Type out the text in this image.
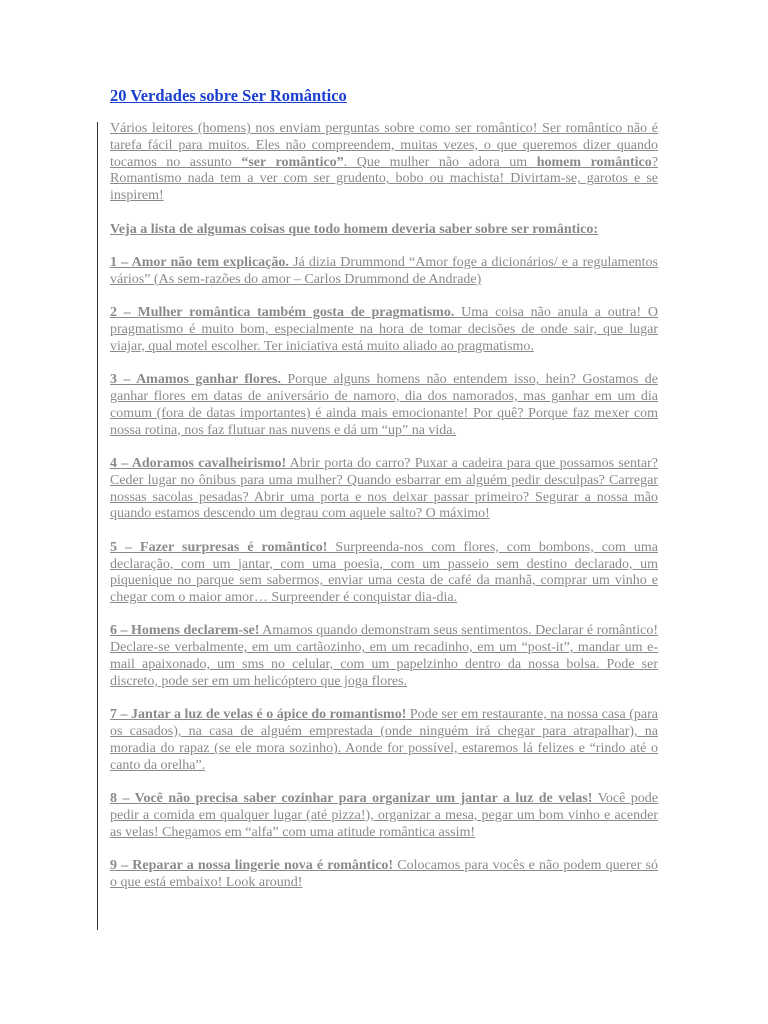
20 Verdades sobre Ser Romântico

Vários leitores (homens) nos enviam perguntas sobre como ser romântico! Ser romântico não é tarefa fácil para muitos. Eles não compreendem, muitas vezes, o que queremos dizer quando tocamos no assunto “ser romântico”. Que mulher não adora um homem romântico? Romantismo nada tem a ver com ser grudento, bobo ou machista! Divirtam-se, garotos e se inspirem!

Veja a lista de algumas coisas que todo homem deveria saber sobre ser romântico:

1 – Amor não tem explicação. Já dizia Drummond “Amor foge a dicionários/ e a regulamentos vários” (As sem-razões do amor – Carlos Drummond de Andrade)

2 – Mulher romântica também gosta de pragmatismo. Uma coisa não anula a outra! O pragmatismo é muito bom, especialmente na hora de tomar decisões de onde sair, que lugar viajar, qual motel escolher. Ter iniciativa está muito aliado ao pragmatismo.

3 – Amamos ganhar flores. Porque alguns homens não entendem isso, hein? Gostamos de ganhar flores em datas de aniversário de namoro, dia dos namorados, mas ganhar em um dia comum (fora de datas importantes) é ainda mais emocionante! Por quê? Porque faz mexer com nossa rotina, nos faz flutuar nas nuvens e dá um “up” na vida.

4 – Adoramos cavalheirismo! Abrir porta do carro? Puxar a cadeira para que possamos sentar? Ceder lugar no ônibus para uma mulher? Quando esbarrar em alguém pedir desculpas? Carregar nossas sacolas pesadas? Abrir uma porta e nos deixar passar primeiro? Segurar a nossa mão quando estamos descendo um degrau com aquele salto? O máximo!

5 – Fazer surpresas é romântico! Surpreenda-nos com flores, com bombons, com uma declaração, com um jantar, com uma poesia, com um passeio sem destino declarado, um piquenique no parque sem sabermos, enviar uma cesta de café da manhã, comprar um vinho e chegar com o maior amor… Surpreender é conquistar dia-dia.

6 – Homens declarem-se! Amamos quando demonstram seus sentimentos. Declarar é romântico! Declare-se verbalmente, em um cartãozinho, em um recadinho, em um “post-it”, mandar um e-mail apaixonado, um sms no celular, com um papelzinho dentro da nossa bolsa. Pode ser discreto, pode ser em um helicóptero que joga flores.

7 – Jantar a luz de velas é o ápice do romantismo! Pode ser em restaurante, na nossa casa (para os casados), na casa de alguém emprestada (onde ninguém irá chegar para atrapalhar), na moradia do rapaz (se ele mora sozinho). Aonde for possível, estaremos lá felizes e “rindo até o canto da orelha”.

8 – Você não precisa saber cozinhar para organizar um jantar a luz de velas! Você pode pedir a comida em qualquer lugar (até pizza!), organizar a mesa, pegar um bom vinho e acender as velas! Chegamos em “alfa” com uma atitude romântica assim!

9 – Reparar a nossa lingerie nova é romântico! Colocamos para vocês e não podem querer só o que está embaixo! Look around!
